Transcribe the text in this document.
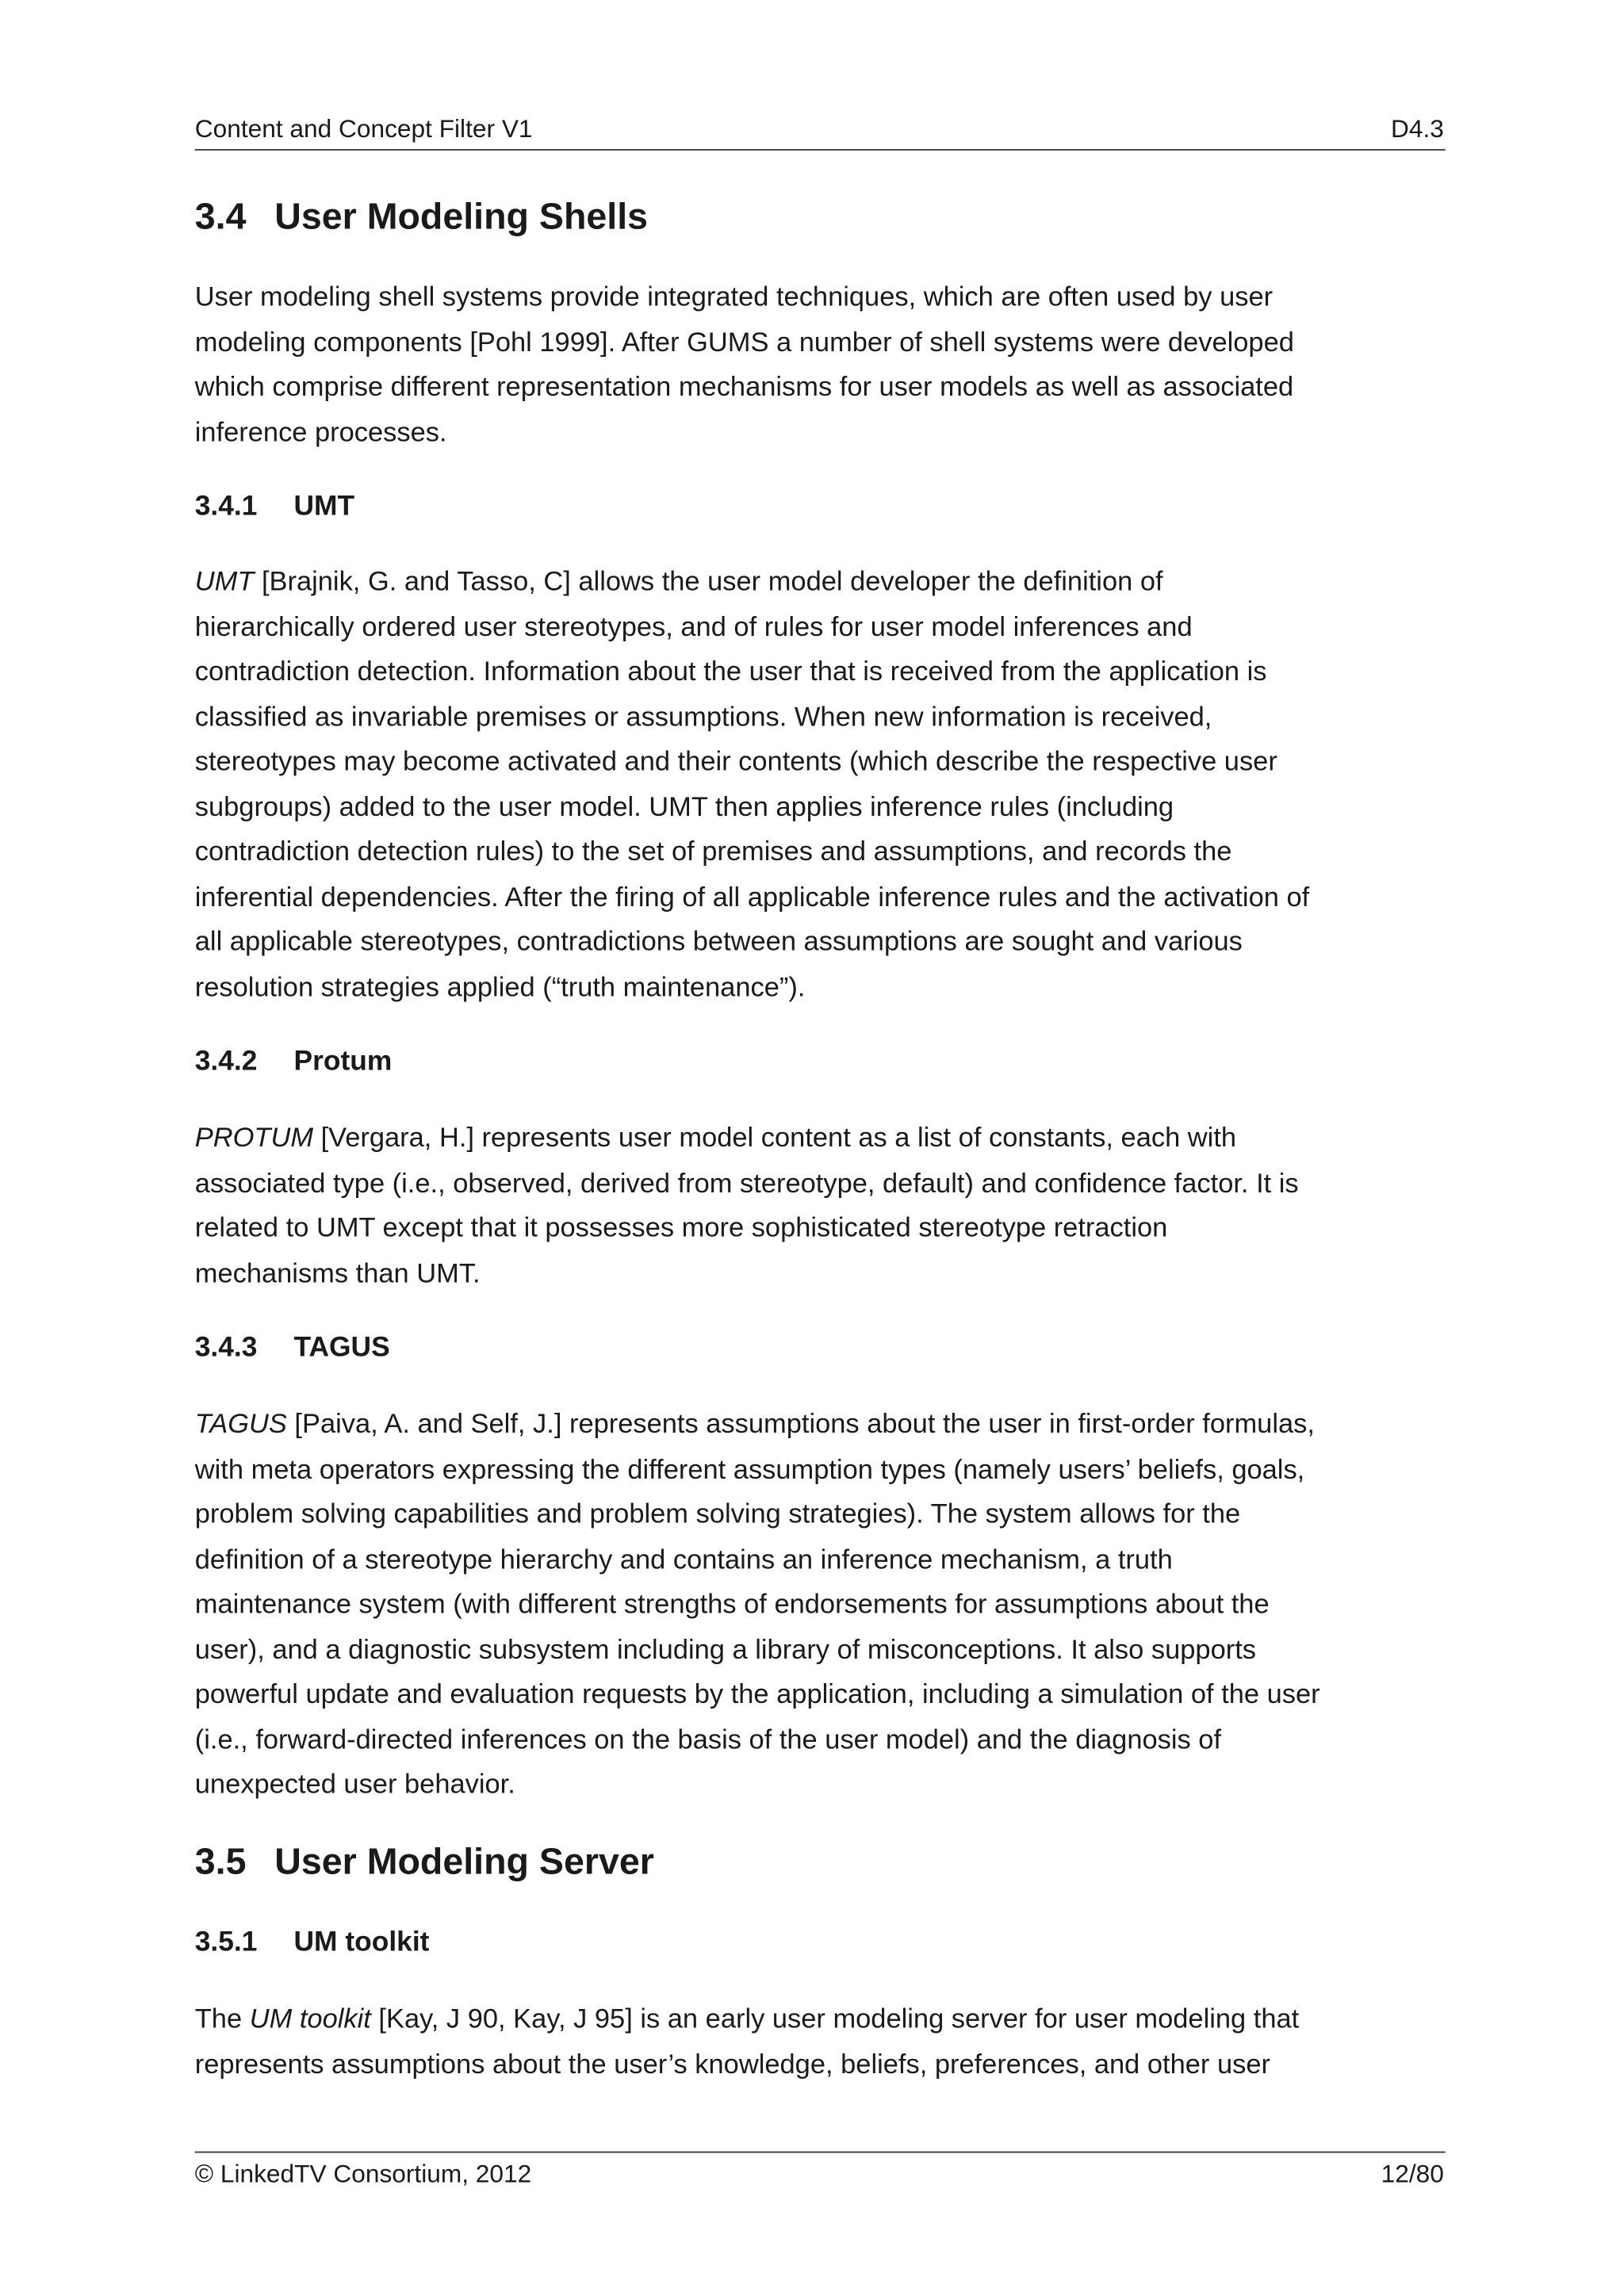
Content and Concept Filter V1	D4.3
3.4 User Modeling Shells
User modeling shell systems provide integrated techniques, which are often used by user
modeling components [Pohl 1999]. After GUMS a number of shell systems were developed
which comprise different representation mechanisms for user models as well as associated
inference processes.
3.4.1 UMT
UMT [Brajnik, G. and Tasso, C] allows the user model developer the definition of
hierarchically ordered user stereotypes, and of rules for user model inferences and
contradiction detection. Information about the user that is received from the application is
classified as invariable premises or assumptions. When new information is received,
stereotypes may become activated and their contents (which describe the respective user
subgroups) added to the user model. UMT then applies inference rules (including
contradiction detection rules) to the set of premises and assumptions, and records the
inferential dependencies. After the firing of all applicable inference rules and the activation of
all applicable stereotypes, contradictions between assumptions are sought and various
resolution strategies applied (“truth maintenance”).
3.4.2 Protum
PROTUM [Vergara, H.] represents user model content as a list of constants, each with
associated type (i.e., observed, derived from stereotype, default) and confidence factor. It is
related to UMT except that it possesses more sophisticated stereotype retraction
mechanisms than UMT.
3.4.3 TAGUS
TAGUS [Paiva, A. and Self, J.] represents assumptions about the user in first-order formulas,
with meta operators expressing the different assumption types (namely users’ beliefs, goals,
problem solving capabilities and problem solving strategies). The system allows for the
definition of a stereotype hierarchy and contains an inference mechanism, a truth
maintenance system (with different strengths of endorsements for assumptions about the
user), and a diagnostic subsystem including a library of misconceptions. It also supports
powerful update and evaluation requests by the application, including a simulation of the user
(i.e., forward-directed inferences on the basis of the user model) and the diagnosis of
unexpected user behavior.
3.5 User Modeling Server
3.5.1 UM toolkit
The UM toolkit [Kay, J 90, Kay, J 95] is an early user modeling server for user modeling that
represents assumptions about the user’s knowledge, beliefs, preferences, and other user
© LinkedTV Consortium, 2012	12/80
